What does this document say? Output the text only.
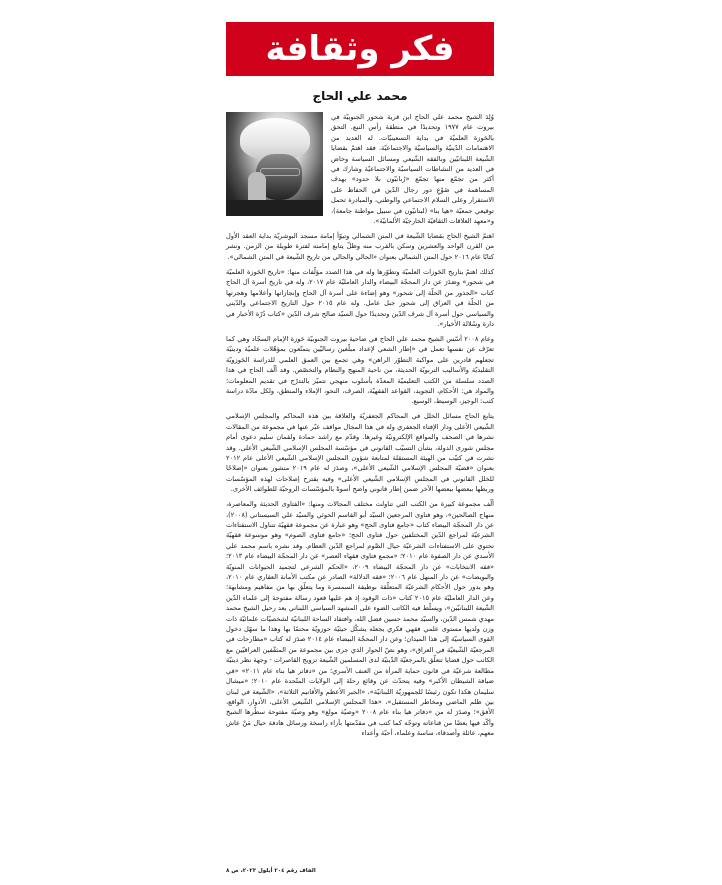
فكر وثقافة
محمد علي الحاج

وُلِدَ الشيخ محمد علي الحاج ابن قرية شحور الجنوبيّة في بيروت عام ١٩٧٧ وتحديدًا في منطقة رأس النبع. التحق بالحَوزة العلميّة في بداية التسعينيّات. له العديد من الاهتمامات الدّينيّة والسياسيّة والاجتماعيّة. فقد اهتمّ بقضايا الشّيعة اللبنانيّين وبالفقه الشّيعي ومسائل السياسة وخاض في العديد من النشاطات السياسيّة والاجتماعيّة وشارك في أكثر من تجمّع منها تجمّع «رُبانيّون بلا حدود» بهدف المساهمة في ضَوْعِ دور رجال الدّين في الحفاظ على الاستقرار وعلى السلام الاجتماعي والوطني، والمبادرة تحمل توقيعي جمعيّة «هيا بنا» (لبنانيّون في سبيل مواطنة جامعة)، و«معهد العلاقات الثقافيّة الخارجيّة الألمانيّة».

اهتمّ الشيخ الحاج بقضايا الشّيعة في المتن الشمالي وتبوّأ إمامة مسجد البوشريّة بداية العقد الأول من القرن الواحد والعشرين وسكن بالقرب منه وظلّ يتابع إمامته لفترة طويلة من الزمن. ونشر كتابًا عام ٢٠١٦ حول المتن الشمالي بعنوان «الحالي والحالي من تاريخ الشّيعة في المتن الشمالي».

كذلك اهتمّ بتاريخ الحَوزات العلميّة وتطوّرها وله في هذا الصدد مؤلّفات منها: «تاريخ الحَوزة العلميّة في شحور» وصَدَرَ عن دار المحجّة البيضاء والدار العامليّة عام ٢٠١٧، وله في تاريخ أسرة آل الحاج كتاب «الجذور من الحلّة إلى شحور» وهو إضاءة على أسرة آل الحاج وإنجازاتها وأعلامها وهجرتها من الحلّة في العراق إلى شحور جبل عامل. وله عام ٢٠١٥ حول التاريخ الاجتماعي والدّيني والسياسي حول أسرة آل شرف الدّين وتحديدًا حول السيّد صالح شرف الدّين «كتاب دُرّة الأخبار في دارة وسُلالة الأخيار».

وعام ٢٠٠٨ أسّس الشيخ محمد علي الحاج في ضاحية بيروت الجنوبيّة حَوزة الإمام السجّاد وهي كما تعرّف عن نفسها تعمل في «إطار الشعي لإعداد مبلّغين رساليّين يتمتّعون بمؤهّلات علميّة ودينيّة تجعلهم قادرين على مواكبة التطوّر الراهن» وهي تجمع بين العمق العلمي للدراسة الحَوزويّة التقليديّة والأساليب التربويّة الحديثة، من ناحية المنهج والنظام والتخصّص. وقد ألّف الحاج في هذا الصدد سلسلة من الكتب التعليميّة المعدّة بأسلوب منهجي تتميّز بالتدرّج في تقديم المعلومات؛ والمواد هي: الأحكام، التجويد، القواعد الفقهيّة، الصرف، النحو، الإملاء والمنطق، ولكل مادّة دراسة كتب: الوجيز، الوسيط، الوسيع.

يتابع الحاج مسائل الخلل في المحاكم الجعفريّة والعلاقة بين هذه المحاكم والمجلس الإسلامي الشّيعي الأعلى ودار الإفتاء الجعفري وله في هذا المجال مواقف عبّر عنها في مجموعة من المقالات نشرها في الصحف والمواقع الإلكترونيّة وغيرها. وقدّم مع راشد حمادة ولقمان سليم دعوى أمام مجلس شورى الدولة، بشأن التسيّب القانوني في مؤسّسة المجلس الإسلامي الشّيعي الأعلى. وقد نشرت في كتيّب من الهيئة المستقلة لمتابعة شؤون المجلس الإسلامي الشّيعي الأعلى عام ٢٠١٢ بعنوان «قضيّة المجلس الإسلامي الشّيعي الأعلى»، وصدَرَ له عام ٢٠١٩ منشور بعنوان «إصلاحًا للخلل القانوني في المجلس الإسلامي الشّيعي الأعلى» وفيه يقترح إصلاحات لهذه المؤسّسات وربطها ببعضها ببعضها الآخر ضمن إطار قانوني واضح أسوةً بالمؤسّسات الروحيّة للطوائف الأخرى.

ألّف مجموعة كبيرة من الكتب التي تناولت مختلف المجالات ومنها: «الفتاوى الحديثة والمعاصرة، منهاج الصالحين»، وهو فتاوى المرجعين السيّد أبو القاسم الخوئي والسيّد علي السيستاني (٢٠٠٨)، عن دار المحجّة البيضاء كتاب «جامع فتاوى الحج» وهو عبارة عن مجموعة فقهيّة تتناول الاستفتاءات الشرعيّة لمراجع الدّين المختلفين حول فتاوى الحج؛ «جامع فتاوى الصوم» وهو موسوعة فقهيّة تحتوي على الاستفتاءات الشرعيّة حيال الصَّوم لمراجع الدّين العظام. وقد نشره باسم محمد علي الأسدي عن دار الصفوة عام ٢٠١٠؛ «مجمع فتاوى فقهاء العصر» عن دار المحجّة البيضاء عام ٢٠١٣؛ «فقه الانتخابات» عن دار المحجّة البيضاء ٢٠٠٩، «الحكم الشرعي لتجميد الحيوانات المنويّة والبويضات» عن دار المنهل عام ٢٠٠٦؛ «فقه الدلالة» الصادر عن مكتب الأمانة العقاري عام ٢٠١٠، وهو يدور حول الأحكام الشرعيّة المتعلّقة بوظيفة السمسرة وما يتعلّق بها من مفاهيم ومشابهة؛ وعن الدار العامليّة عام ٢٠١٥ كتاب «ذات الوقود إذ هم عليها قعود رسالة مفتوحة إلى علماء الدّين الشّيعة اللبنانيّين»، ويسلّط فيه الكاتب الضوء على المشهد السياسي اللبناني بعد رحيل الشيخ محمد مهدي شمس الدّين، والسيّد محمد حسين فضل الله، وافتقاد الساحة اللبنانيّة لشخصيّات علمائيّة ذات وزن ولديها مستوى علمي فقهي فكري يجعله يشكّل حيثيّة حوزويّة محتمًا بها وهذا ما سهّل دخول القوى السياسيّة إلى هذا الميدان؛ وعن دار المحجّة البيضاء عام ٢٠١٤ صدَرَ له كتاب «مطارحات في المرجعيّة الشّيعيّة في العراق»، وهو نصّ الحوار الذي جرى بين مجموعة من المثقّفين العراقيّين مع الكاتب حول قضايا تتعلّق بالمرجعيّة الدّينيّة لدى المسلمين الشّيعة تزويج القاصرات - وجهة نظر دينيّة مطالعة شرعيّة في قانون حماية المرأة من العنف الأسري؛ من «دفاتر هيا بناء عام ٢٠١١» «في ضيافة الشيطان الأكبر» وفيه يتحدّث عن وقائع رحلة إلى الولايات المتّحدة عام ٢٠١٠؛ «ميشال سليمان هكذا تكون رئيسًا للجمهوريّة اللبنانيّة»، «الحبر الأعظم والأقانيم الثلاثة»، «الشّيعة في لبنان بين ظلم الماضي ومخاطر المستقبل»، «هذا المجلس الإسلامي الشّيعي الأعلى، الأدوار، الواقع، الأفق»؛ وصدَرَ له من «دفاتر هيا بناء عام ٢٠٠٨ «وصيّة مولع» وهو وصيّة مفتوحة سطّرها الشيخ وأكّد فيها بعضًا من قناعاته وتوجّه كما كتب في مقدّمتها بآراء راسخة ورسائل هادفة حيال مَنْ عاش معهم، عائلة وأصدقاء، ساسة وعلماء، أحبّة وأعداء

الفاف رقم ٢٠٤ أيلول ٢٠٢٣، ص ٨
